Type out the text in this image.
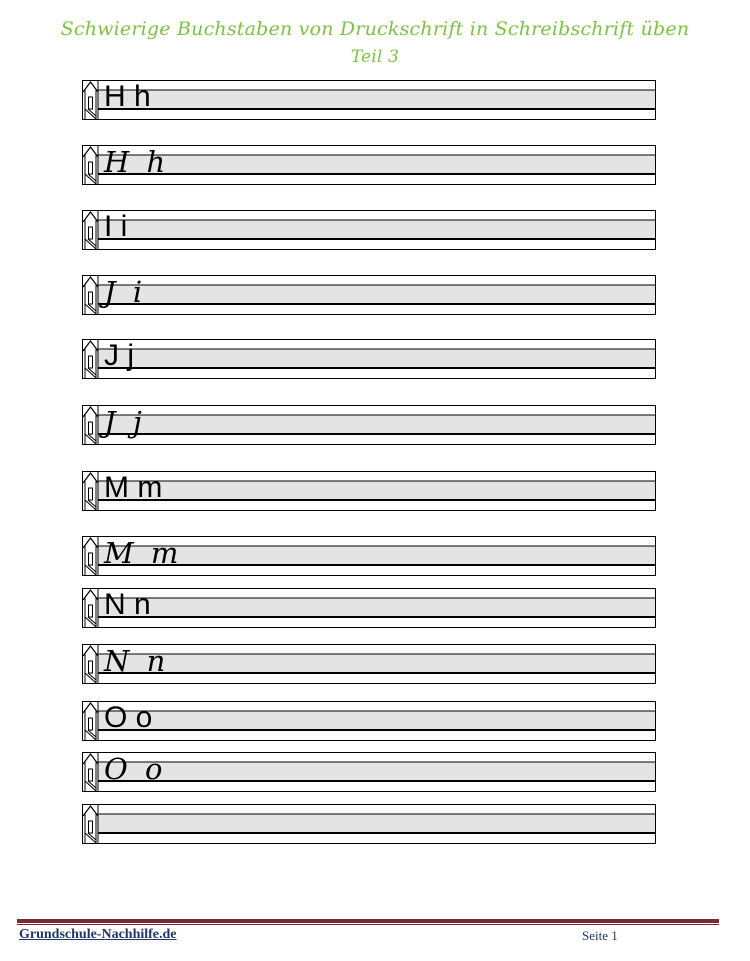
Schwierige Buchstaben von Druckschrift in Schreibschrift üben
Teil 3
H h
H h
I i
J i
J j
J j
M m
M m
N n
N n
O o
O o
Grundschule-Nachhilfe.de	Seite 1
